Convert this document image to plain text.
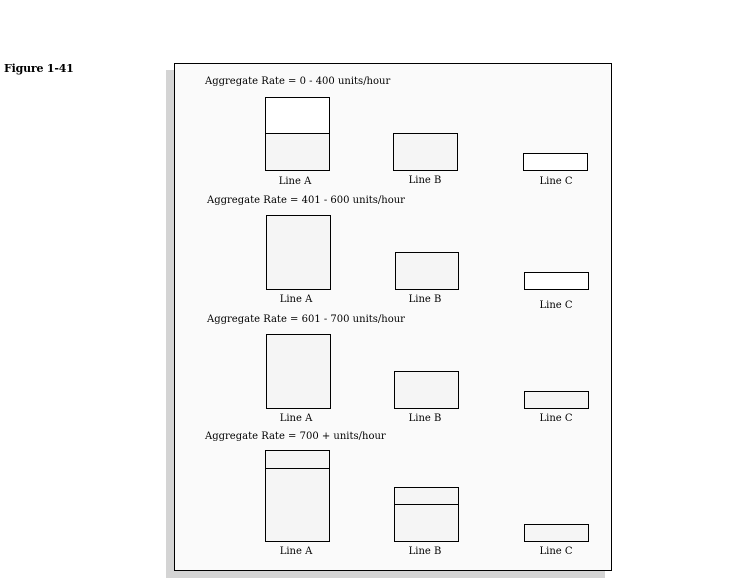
Figure 1-41
Aggregate Rate = 0 - 400 units/hour
Line A	Line B	Line C
Aggregate Rate = 401 - 600 units/hour
Line A	Line B
Line C
Aggregate Rate = 601 - 700 units/hour
Line A	Line B	Line C
Aggregate Rate = 700 + units/hour
Line A	Line B	Line C
